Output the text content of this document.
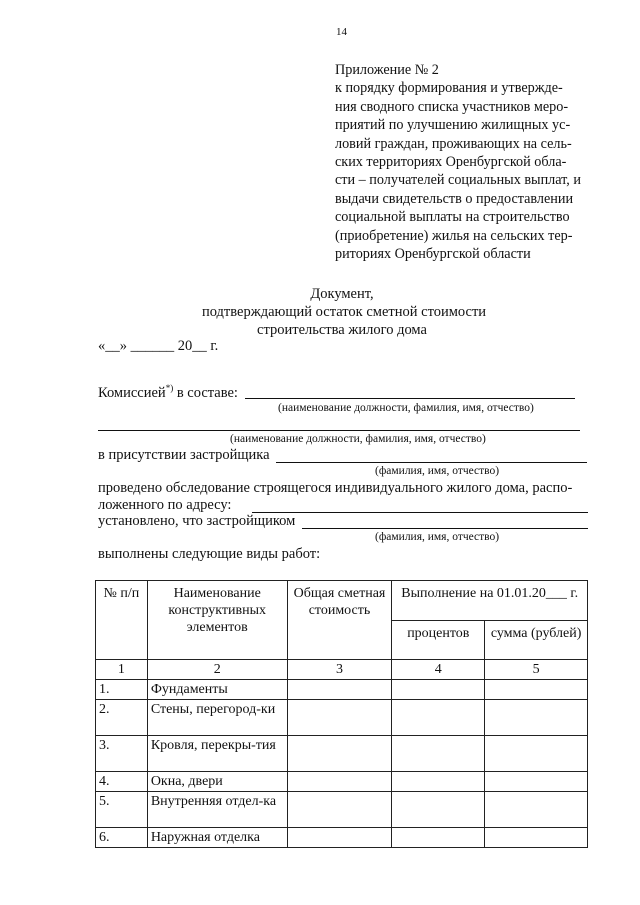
14
Приложение № 2
к порядку формирования и утвержде-
ния сводного списка участников меро-
приятий по улучшению жилищных ус-
ловий граждан, проживающих на сель-
ских территориях Оренбургской обла-
сти – получателей социальных выплат, и
выдачи свидетельств о предоставлении
социальной выплаты на строительство
(приобретение) жилья на сельских тер-
риториях Оренбургской области
Документ,
подтверждающий остаток сметной стоимости
строительства жилого дома
«__» ______ 20__ г.
Комиссией*) в составе:
(наименование должности, фамилия, имя, отчество)
(наименование должности, фамилия, имя, отчество)
в присутствии застройщика
(фамилия, имя, отчество)
проведено обследование строящегося индивидуального жилого дома, распо-
ложенного по адресу:
установлено, что застройщиком
(фамилия, имя, отчество)
выполнены следующие виды работ:
№ п/п	Наименование конструктивных элементов	Общая сметная стоимость	Выполнение на 01.01.20___ г.	
			процентов	сумма (рублей)
1	2	3	4	5
1.	Фундаменты			
2.	Стены, перегород-ки			
3.	Кровля, перекры-тия			
4.	Окна, двери			
5.	Внутренняя отдел-ка			
6.	Наружная отделка			
